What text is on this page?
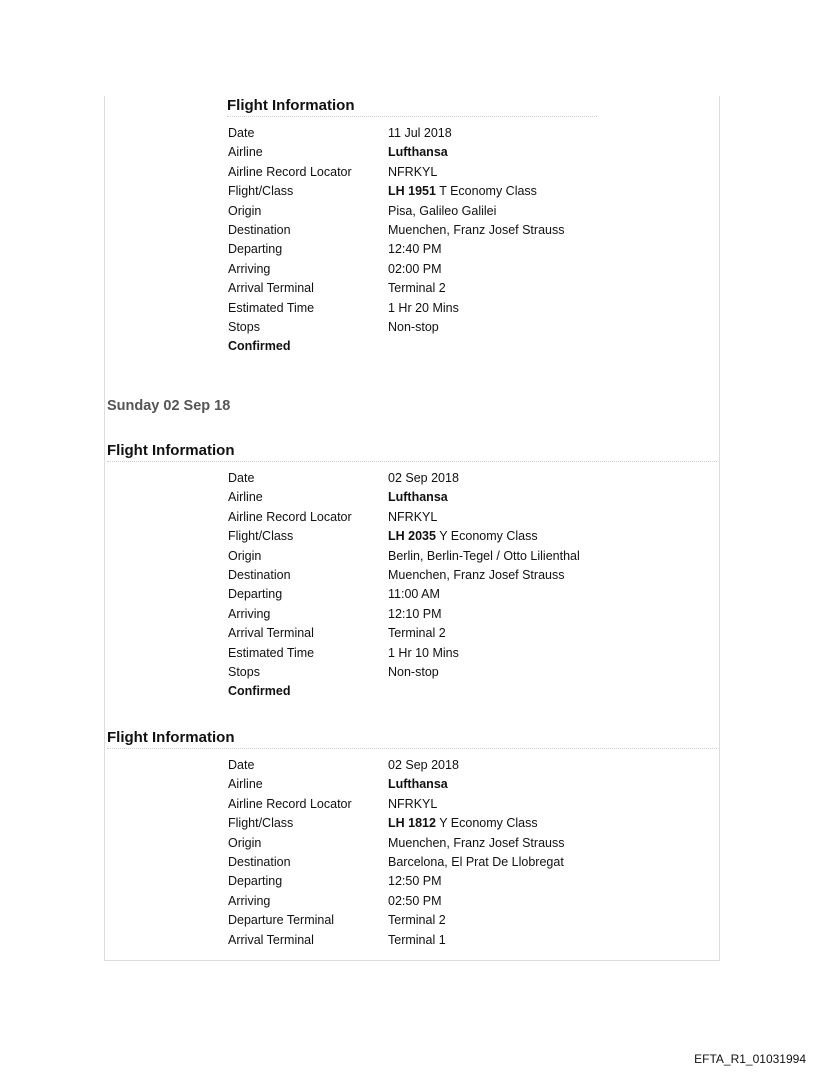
Flight Information
Date	11 Jul 2018
Airline	Lufthansa
Airline Record Locator	NFRKYL
Flight/Class	LH 1951 T Economy Class
Origin	Pisa, Galileo Galilei
Destination	Muenchen, Franz Josef Strauss
Departing	12:40 PM
Arriving	02:00 PM
Arrival Terminal	Terminal 2
Estimated Time	1 Hr 20 Mins
Stops	Non-stop
Confirmed
Sunday 02 Sep 18
Flight Information
Date	02 Sep 2018
Airline	Lufthansa
Airline Record Locator	NFRKYL
Flight/Class	LH 2035 Y Economy Class
Origin	Berlin, Berlin-Tegel / Otto Lilienthal
Destination	Muenchen, Franz Josef Strauss
Departing	11:00 AM
Arriving	12:10 PM
Arrival Terminal	Terminal 2
Estimated Time	1 Hr 10 Mins
Stops	Non-stop
Confirmed
Flight Information
Date	02 Sep 2018
Airline	Lufthansa
Airline Record Locator	NFRKYL
Flight/Class	LH 1812 Y Economy Class
Origin	Muenchen, Franz Josef Strauss
Destination	Barcelona, El Prat De Llobregat
Departing	12:50 PM
Arriving	02:50 PM
Departure Terminal	Terminal 2
Arrival Terminal	Terminal 1
EFTA_R1_01031994
